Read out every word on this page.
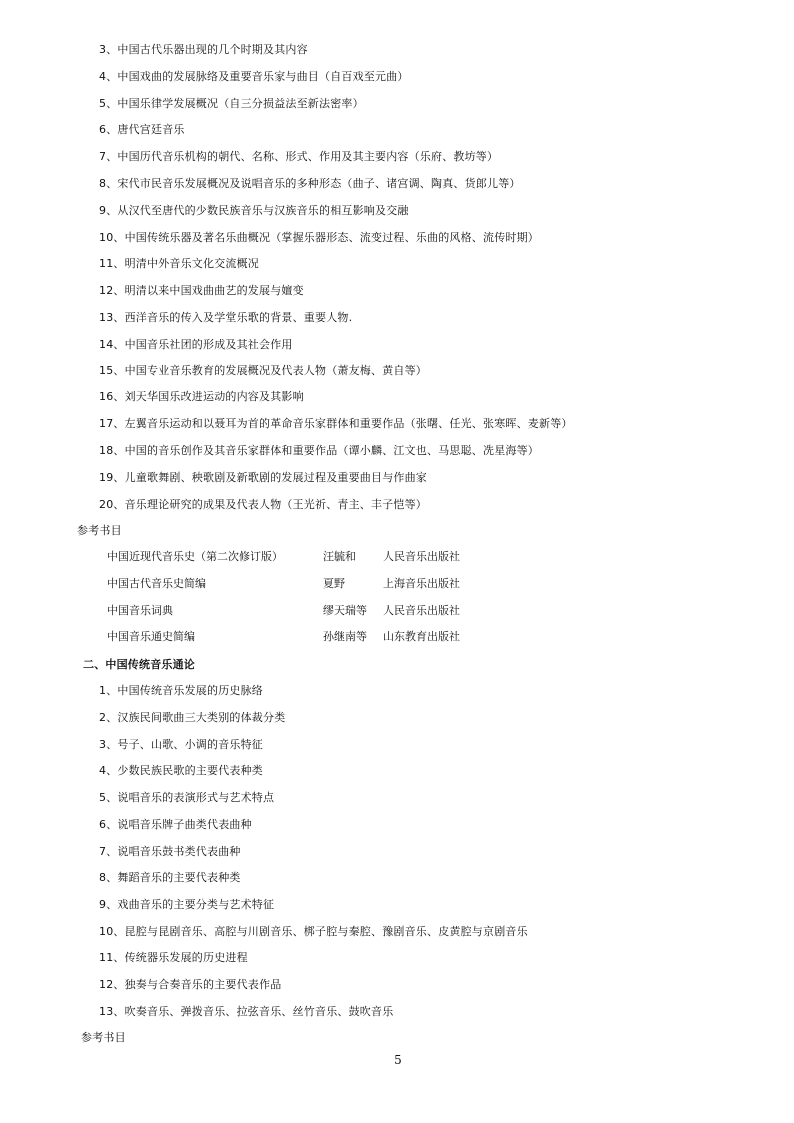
3、中国古代乐器出现的几个时期及其内容
4、中国戏曲的发展脉络及重要音乐家与曲目（自百戏至元曲）
5、中国乐律学发展概况（自三分损益法至新法密率）
6、唐代宫廷音乐
7、中国历代音乐机构的朝代、名称、形式、作用及其主要内容（乐府、教坊等）
8、宋代市民音乐发展概况及说唱音乐的多种形态（曲子、诸宫调、陶真、货郎儿等）
9、从汉代至唐代的少数民族音乐与汉族音乐的相互影响及交融
10、中国传统乐器及著名乐曲概况（掌握乐器形态、流变过程、乐曲的风格、流传时期）
11、明清中外音乐文化交流概况
12、明清以来中国戏曲曲艺的发展与嬗变
13、西洋音乐的传入及学堂乐歌的背景、重要人物.
14、中国音乐社团的形成及其社会作用
15、中国专业音乐教育的发展概况及代表人物（萧友梅、黄自等）
16、刘天华国乐改进运动的内容及其影响
17、左翼音乐运动和以聂耳为首的革命音乐家群体和重要作品（张曙、任光、张寒晖、麦新等）
18、中国的音乐创作及其音乐家群体和重要作品（谭小麟、江文也、马思聪、冼星海等）
19、儿童歌舞剧、秧歌剧及新歌剧的发展过程及重要曲目与作曲家
20、音乐理论研究的成果及代表人物（王光祈、青主、丰子恺等）
参考书目
中国近现代音乐史（第二次修订版）	汪毓和 人民音乐出版社
中国古代音乐史简编	夏野	上海音乐出版社
中国音乐词典	缪天瑞等 人民音乐出版社
中国音乐通史简编	孙继南等 山东教育出版社
二、中国传统音乐通论
1、中国传统音乐发展的历史脉络
2、汉族民间歌曲三大类别的体裁分类
3、号子、山歌、小调的音乐特征
4、少数民族民歌的主要代表种类
5、说唱音乐的表演形式与艺术特点
6、说唱音乐牌子曲类代表曲种
7、说唱音乐鼓书类代表曲种
8、舞蹈音乐的主要代表种类
9、戏曲音乐的主要分类与艺术特征
10、昆腔与昆剧音乐、高腔与川剧音乐、梆子腔与秦腔、豫剧音乐、皮黄腔与京剧音乐
11、传统器乐发展的历史进程
12、独奏与合奏音乐的主要代表作品
13、吹奏音乐、弹拨音乐、拉弦音乐、丝竹音乐、鼓吹音乐
参考书目
5
